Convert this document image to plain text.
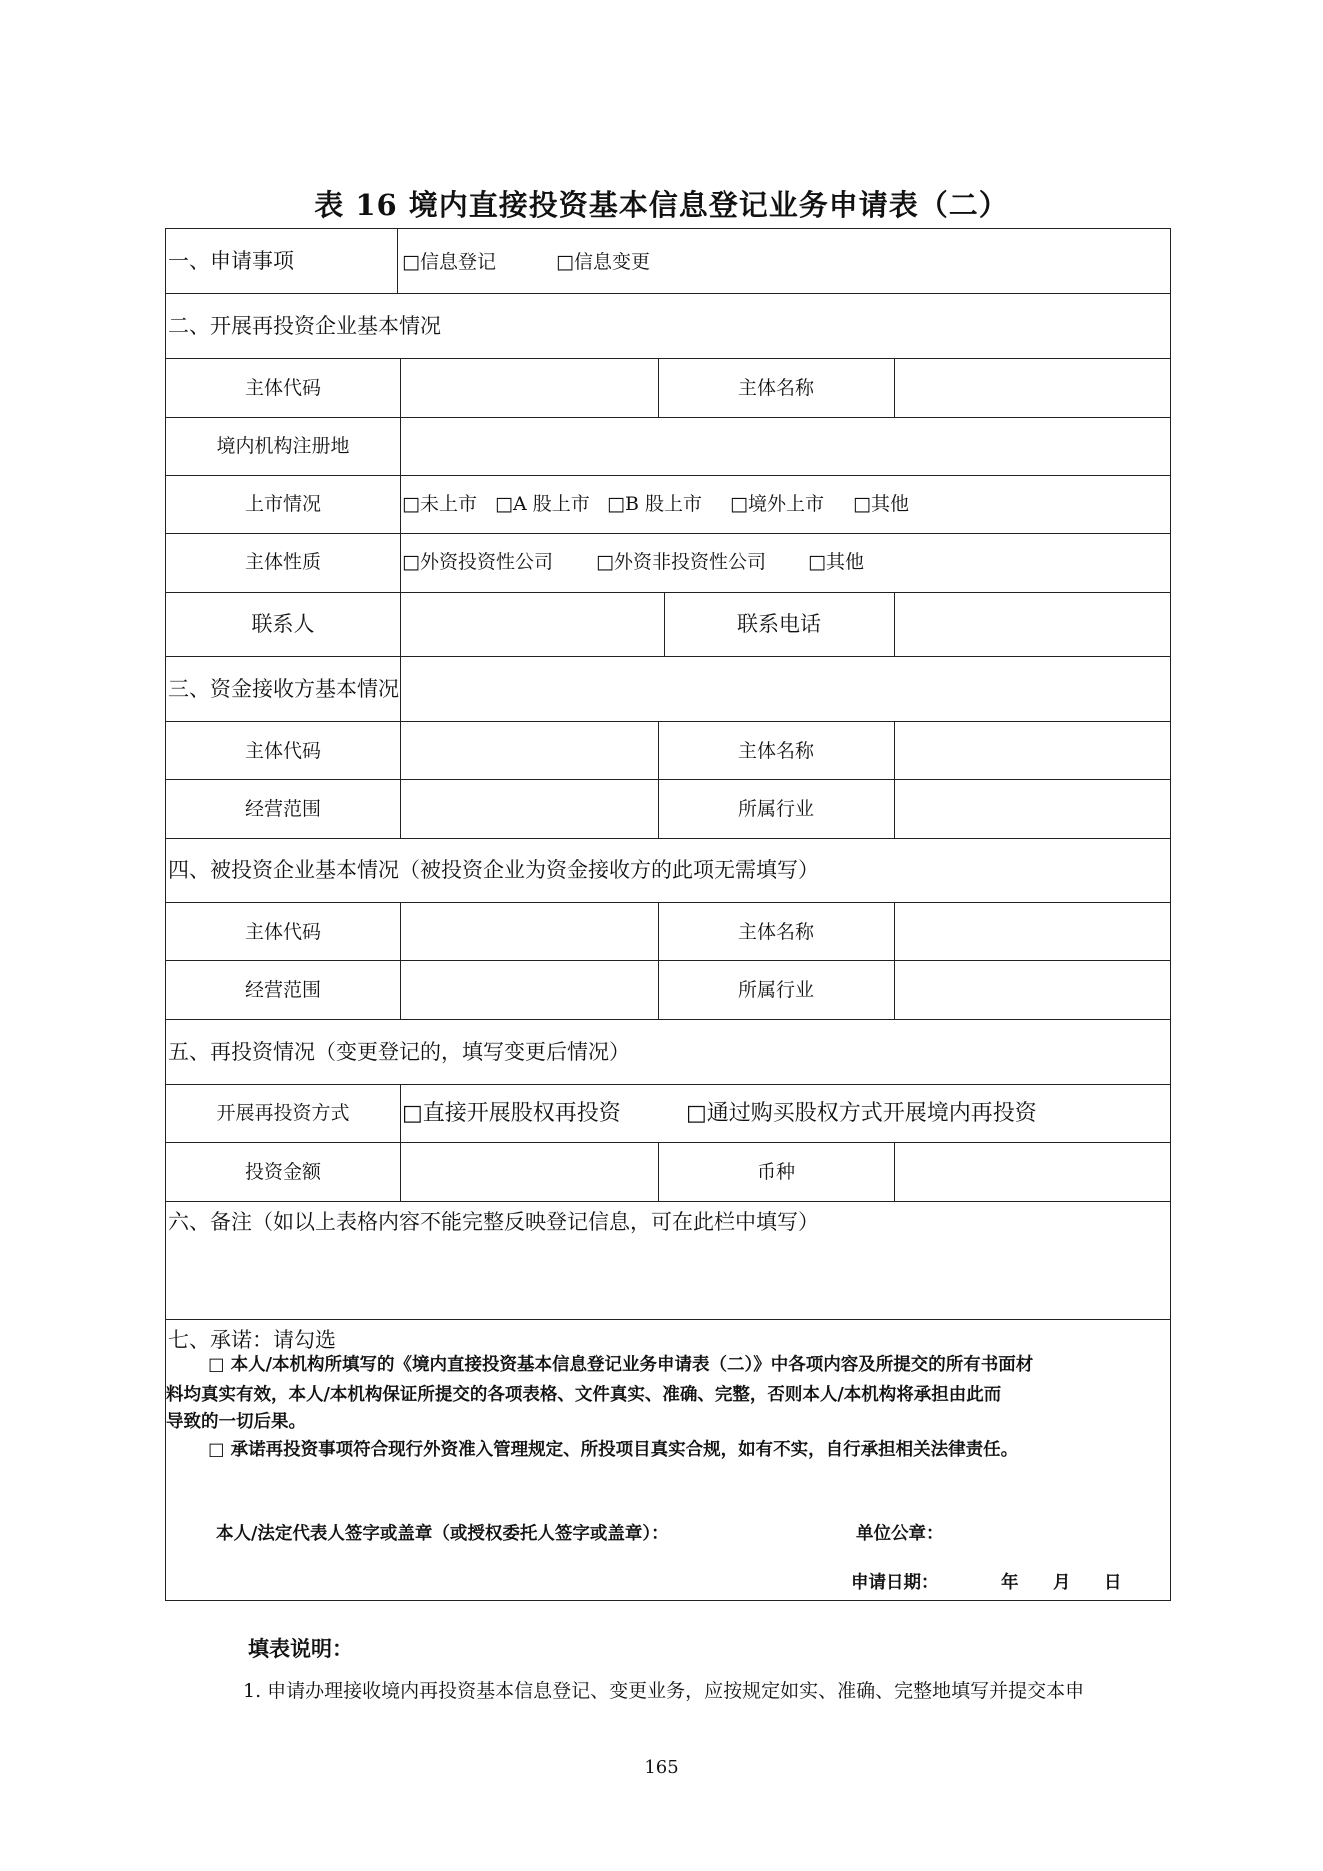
表 16 境内直接投资基本信息登记业务申请表（二）
一、申请事项	□信息登记	□信息变更
二、开展再投资企业基本情况
主体代码	主体名称
境内机构注册地
上市情况	□未上市 □A 股上市 □B 股上市 □境外上市 □其他
主体性质	□外资投资性公司 □外资非投资性公司 □其他
联系人	联系电话
三、资金接收方基本情况
主体代码	主体名称
经营范围	所属行业
四、被投资企业基本情况（被投资企业为资金接收方的此项无需填写）
主体代码	主体名称
经营范围	所属行业
五、再投资情况（变更登记的，填写变更后情况）
开展再投资方式	□直接开展股权再投资	□通过购买股权方式开展境内再投资
投资金额	币种
六、备注（如以上表格内容不能完整反映登记信息，可在此栏中填写）
七、承诺：请勾选
□ 本人/本机构所填写的《境内直接投资基本信息登记业务申请表（二）》中各项内容及所提交的所有书面材
料均真实有效，本人/本机构保证所提交的各项表格、文件真实、准确、完整，否则本人/本机构将承担由此而
导致的一切后果。
□ 承诺再投资事项符合现行外资准入管理规定、所投项目真实合规，如有不实，自行承担相关法律责任。
本人/法定代表人签字或盖章（或授权委托人签字或盖章）：	单位公章：
申请日期：	年 月 日
填表说明：
1. 申请办理接收境内再投资基本信息登记、变更业务，应按规定如实、准确、完整地填写并提交本申
165
